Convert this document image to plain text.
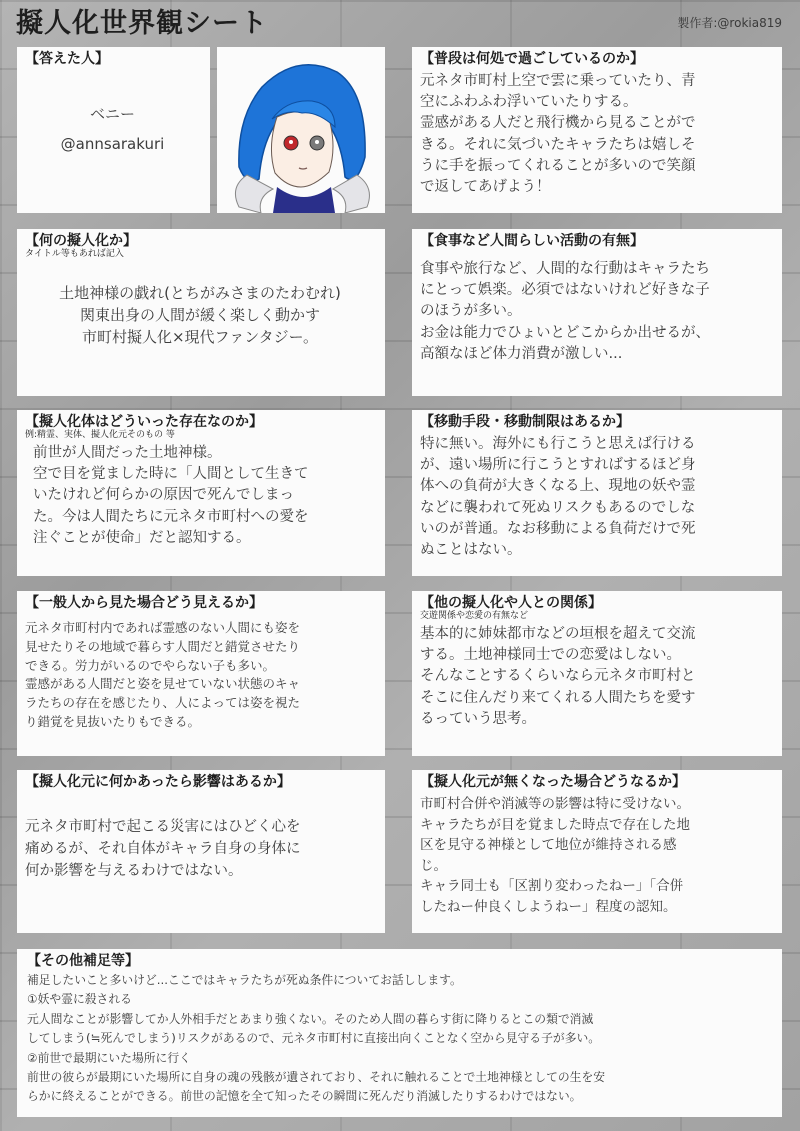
擬人化世界観シート	製作者:@rokia819
【答えた人】
ベニー
@annsarakuri
【普段は何処で過ごしているのか】
元ネタ市町村上空で雲に乗っていたり、青
空にふわふわ浮いていたりする。
霊感がある人だと飛行機から見ることがで
きる。それに気づいたキャラたちは嬉しそ
うに手を振ってくれることが多いので笑顔
で返してあげよう！
【何の擬人化か】
タイトル等もあれば記入
土地神様の戯れ(とちがみさまのたわむれ)
関東出身の人間が緩く楽しく動かす
市町村擬人化×現代ファンタジー。
【食事など人間らしい活動の有無】
食事や旅行など、人間的な行動はキャラたち
にとって娯楽。必須ではないけれど好きな子
のほうが多い。
お金は能力でひょいとどこからか出せるが、
高額なほど体力消費が激しい...
【擬人化体はどういった存在なのか】
例:精霊、実体、擬人化元そのもの 等
前世が人間だった土地神様。
空で目を覚ました時に「人間として生きて
いたけれど何らかの原因で死んでしまっ
た。今は人間たちに元ネタ市町村への愛を
注ぐことが使命」だと認知する。
【移動手段・移動制限はあるか】
特に無い。海外にも行こうと思えば行ける
が、遠い場所に行こうとすればするほど身
体への負荷が大きくなる上、現地の妖や霊
などに襲われて死ぬリスクもあるのでしな
いのが普通。なお移動による負荷だけで死
ぬことはない。
【一般人から見た場合どう見えるか】
元ネタ市町村内であれば霊感のない人間にも姿を
見せたりその地域で暮らす人間だと錯覚させたり
できる。労力がいるのでやらない子も多い。
霊感がある人間だと姿を見せていない状態のキャ
ラたちの存在を感じたり、人によっては姿を視た
り錯覚を見抜いたりもできる。
【他の擬人化や人との関係】
交遊関係や恋愛の有無など
基本的に姉妹都市などの垣根を超えて交流
する。土地神様同士での恋愛はしない。
そんなことするくらいなら元ネタ市町村と
そこに住んだり来てくれる人間たちを愛す
るっていう思考。
【擬人化元に何かあったら影響はあるか】
元ネタ市町村で起こる災害にはひどく心を
痛めるが、それ自体がキャラ自身の身体に
何か影響を与えるわけではない。
【擬人化元が無くなった場合どうなるか】
市町村合併や消滅等の影響は特に受けない。
キャラたちが目を覚ました時点で存在した地
区を見守る神様として地位が維持される感
じ。
キャラ同士も「区割り変わったねー」「合併
したねー仲良くしようねー」程度の認知。
【その他補足等】
補足したいこと多いけど...ここではキャラたちが死ぬ条件についてお話しします。
①妖や霊に殺される
元人間なことが影響してか人外相手だとあまり強くない。そのため人間の暮らす街に降りるとこの類で消滅
してしまう(≒死んでしまう)リスクがあるので、元ネタ市町村に直接出向くことなく空から見守る子が多い。
②前世で最期にいた場所に行く
前世の彼らが最期にいた場所に自身の魂の残骸が遺されており、それに触れることで土地神様としての生を安
らかに終えることができる。前世の記憶を全て知ったその瞬間に死んだり消滅したりするわけではない。
